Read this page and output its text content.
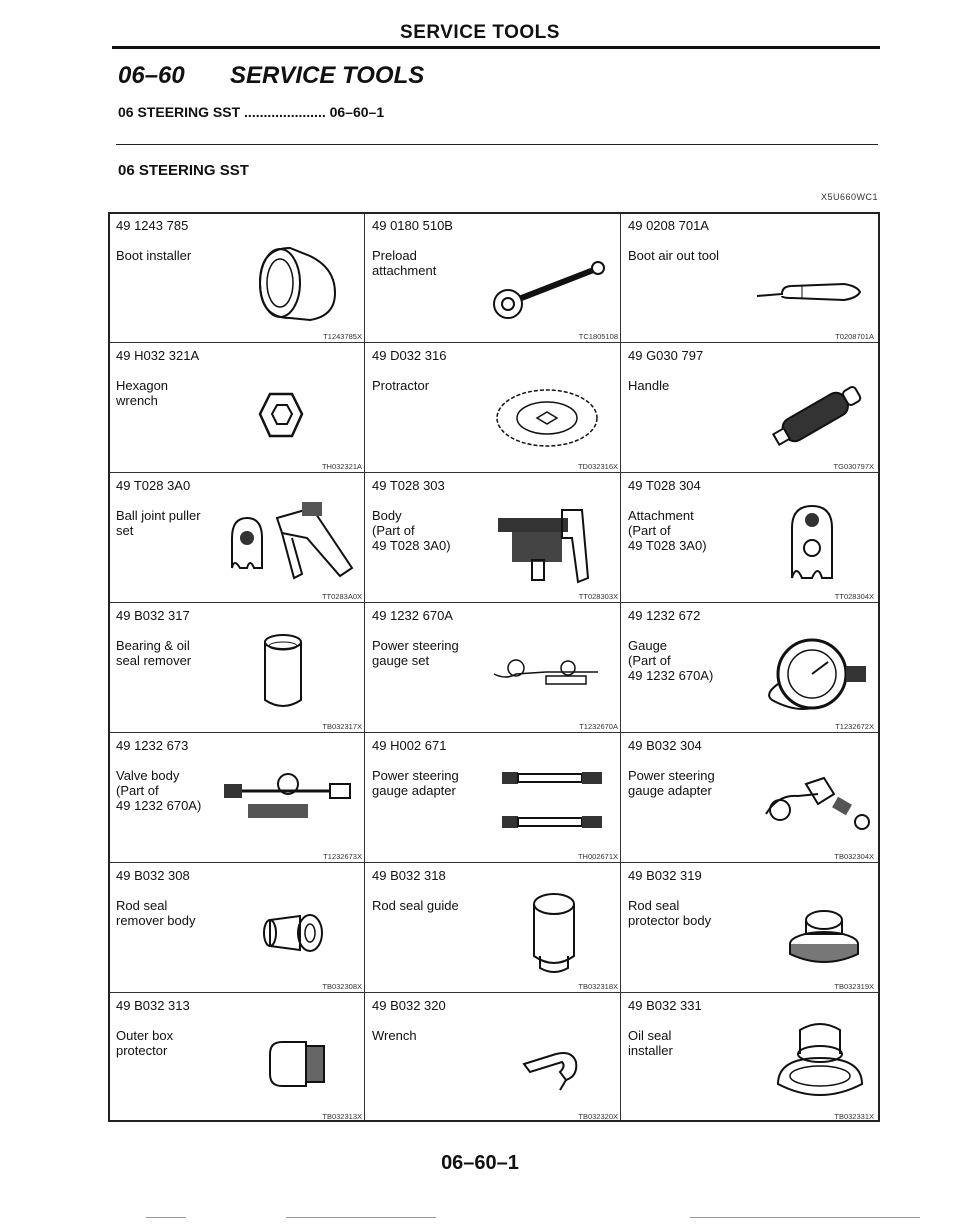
SERVICE TOOLS
06–60 SERVICE TOOLS
06 STEERING SST ..................... 06–60–1
06 STEERING SST
X5U660WC1
49 1243 785
Boot installer
T1243785X
49 0180 510B
Preload
attachment
TC1805108
49 0208 701A
Boot air out tool
T0208701A
49 H032 321A
Hexagon
wrench
TH032321A
49 D032 316
Protractor
TD032316X
49 G030 797
Handle
TG030797X
49 T028 3A0
Ball joint puller
set
TT0283A0X
49 T028 303
Body
(Part of
49 T028 3A0)
TT028303X
49 T028 304
Attachment
(Part of
49 T028 3A0)
TT028304X
49 B032 317
Bearing & oil
seal remover
TB032317X
49 1232 670A
Power steering
gauge set
T1232670A
49 1232 672
Gauge
(Part of
49 1232 670A)
T1232672X
49 1232 673
Valve body
(Part of
49 1232 670A)
T1232673X
49 H002 671
Power steering
gauge adapter
TH002671X
49 B032 304
Power steering
gauge adapter
TB032304X
49 B032 308
Rod seal
remover body
TB032308X
49 B032 318
Rod seal guide
TB032318X
49 B032 319
Rod seal
protector body
TB032319X
49 B032 313
Outer box
protector
TB032313X
49 B032 320
Wrench
TB032320X
49 B032 331
Oil seal
installer
TB032331X
06–60–1
